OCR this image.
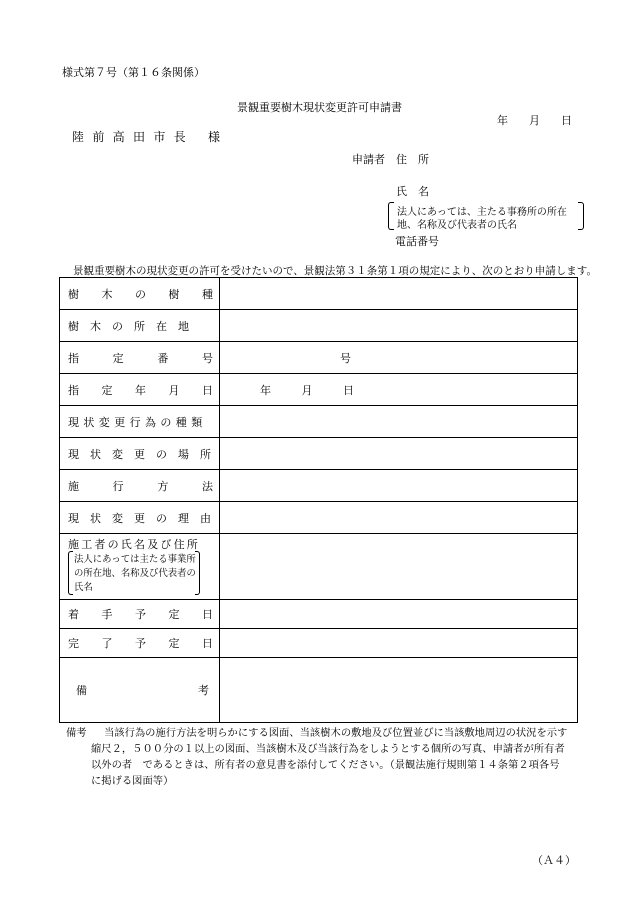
様式第７号（第１６条関係）
景観重要樹木現状変更許可申請書
年 月 日
陸 前 高 田 市 長 様
申請者 住　所
氏　名
法人にあっては、主たる事務所の所在
地、名称及び代表者の氏名
電話番号
景観重要樹木の現状変更の許可を受けたいので、景観法第３１条第１項の規定により、次のとおり申請します。
樹 木 の 樹 種	

樹　木　の　所　在　地	

指 定 番 号	号

指 定 年 月 日	年 月 日

現状変更行為の種類	
現　状　変　更　の　場　所	

施 行 方 法	

現　状　変　更　の　理　由	

施工者の氏名及び住所
法人にあっては主たる事業所
の所在地、名称及び代表者の
氏名	

着 手 予 定 日	

完 了 予 定 日	

備 考	

備考 当該行為の施行方法を明らかにする図面、当該樹木の敷地及び位置並びに当該敷地周辺の状況を示す
縮尺２，５００分の１以上の図面、当該樹木及び当該行為をしようとする個所の写真、申請者が所有者
以外の者　であるときは、所有者の意見書を添付してください。（景観法施行規則第１４条第２項各号
に掲げる図面等）
（Ａ４）
